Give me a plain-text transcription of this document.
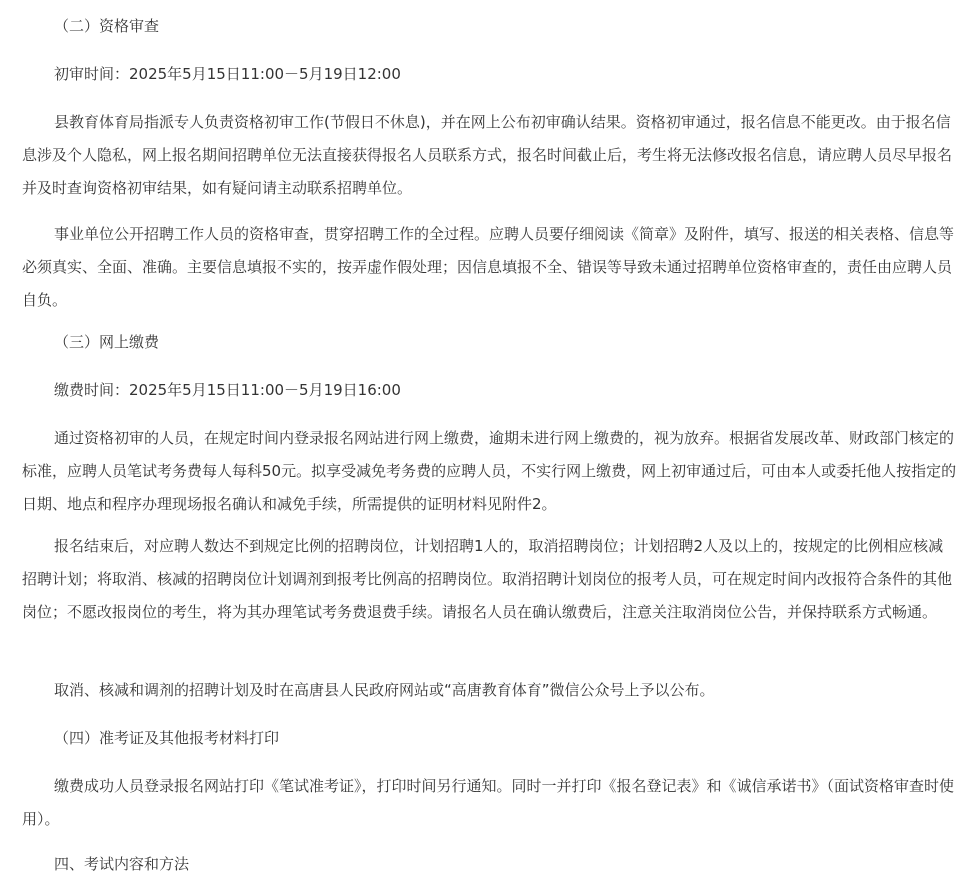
（二）资格审查

初审时间：2025年5月15日11:00－5月19日12:00

县教育体育局指派专人负责资格初审工作(节假日不休息)，并在网上公布初审确认结果。资格初审通过，报名信息不能更改。由于报名信息涉及个人隐私，网上报名期间招聘单位无法直接获得报名人员联系方式，报名时间截止后，考生将无法修改报名信息，请应聘人员尽早报名并及时查询资格初审结果，如有疑问请主动联系招聘单位。

事业单位公开招聘工作人员的资格审查，贯穿招聘工作的全过程。应聘人员要仔细阅读《简章》及附件，填写、报送的相关表格、信息等必须真实、全面、准确。主要信息填报不实的，按弄虚作假处理；因信息填报不全、错误等导致未通过招聘单位资格审查的，责任由应聘人员自负。

（三）网上缴费

缴费时间：2025年5月15日11:00－5月19日16:00

通过资格初审的人员，在规定时间内登录报名网站进行网上缴费，逾期未进行网上缴费的，视为放弃。根据省发展改革、财政部门核定的标准，应聘人员笔试考务费每人每科50元。拟享受减免考务费的应聘人员，不实行网上缴费，网上初审通过后，可由本人或委托他人按指定的日期、地点和程序办理现场报名确认和减免手续，所需提供的证明材料见附件2。

报名结束后，对应聘人数达不到规定比例的招聘岗位，计划招聘1人的，取消招聘岗位；计划招聘2人及以上的，按规定的比例相应核减招聘计划；将取消、核减的招聘岗位计划调剂到报考比例高的招聘岗位。取消招聘计划岗位的报考人员，可在规定时间内改报符合条件的其他岗位；不愿改报岗位的考生，将为其办理笔试考务费退费手续。请报名人员在确认缴费后，注意关注取消岗位公告，并保持联系方式畅通。

取消、核减和调剂的招聘计划及时在高唐县人民政府网站或“高唐教育体育”微信公众号上予以公布。

（四）准考证及其他报考材料打印

缴费成功人员登录报名网站打印《笔试准考证》，打印时间另行通知。同时一并打印《报名登记表》和《诚信承诺书》（面试资格审查时使用）。

四、考试内容和方法
